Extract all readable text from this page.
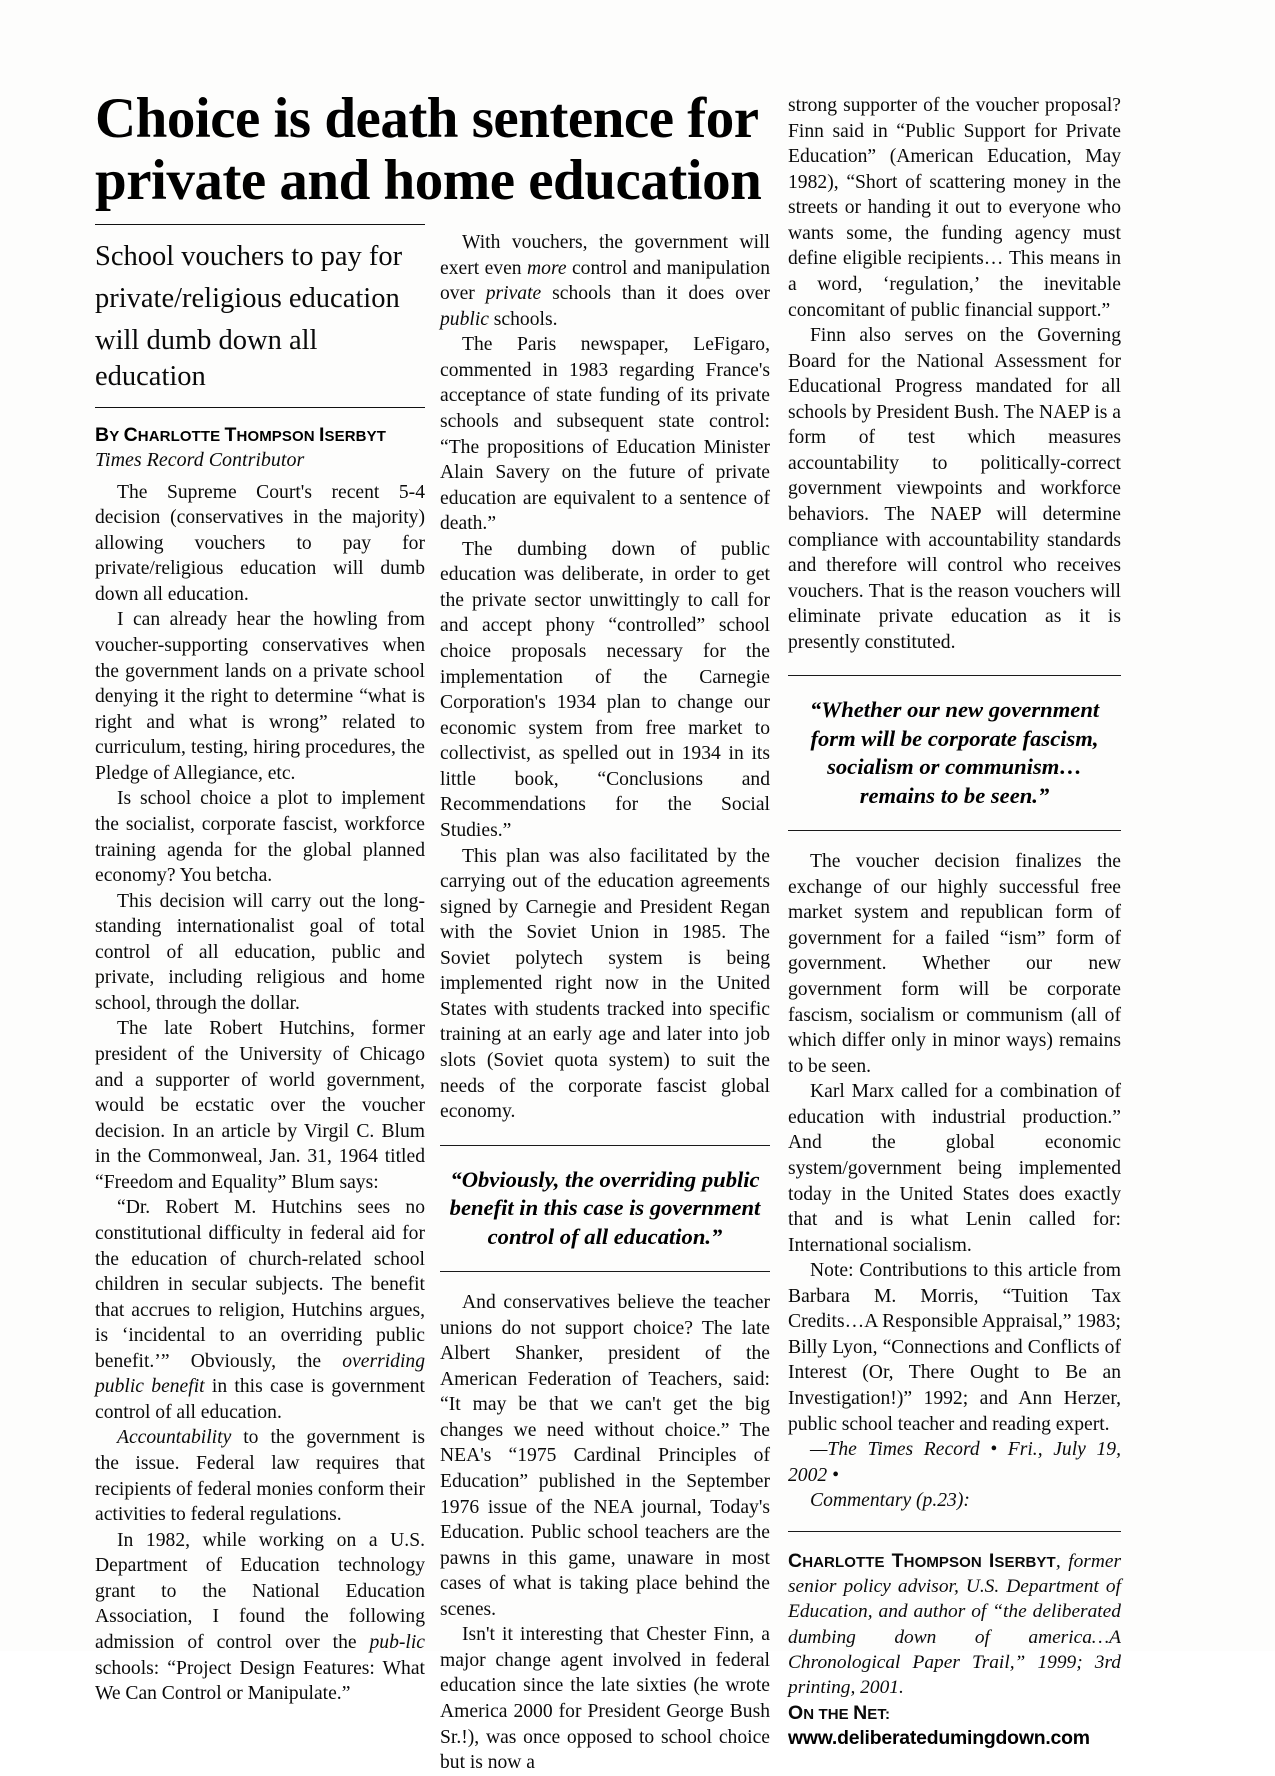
Choice is death sentence for
private and home education
School vouchers to pay for
private/religious education
will dumb down all education
BY CHARLOTTE THOMPSON ISERBYT
Times Record Contributor

The Supreme Court's recent 5-4 decision (conservatives in the majority) allowing vouchers to pay for private/religious education will dumb down all education.

I can already hear the howling from voucher-supporting conservatives when the government lands on a private school denying it the right to determine “what is right and what is wrong” related to curriculum, testing, hiring procedures, the Pledge of Allegiance, etc.

Is school choice a plot to implement the socialist, corporate fascist, workforce training agenda for the global planned economy? You betcha.

This decision will carry out the long-standing internationalist goal of total control of all education, public and private, including religious and home school, through the dollar.

The late Robert Hutchins, former president of the University of Chicago and a supporter of world government, would be ecstatic over the voucher decision. In an article by Virgil C. Blum in the Commonweal, Jan. 31, 1964 titled “Freedom and Equality” Blum says:

“Dr. Robert M. Hutchins sees no constitutional difficulty in federal aid for the education of church-related school children in secular subjects. The benefit that accrues to religion, Hutchins argues, is ‘incidental to an overriding public benefit.’” Obviously, the overriding public benefit in this case is government control of all education.

Accountability to the government is the issue. Federal law requires that recipients of federal monies conform their activities to federal regulations.

In 1982, while working on a U.S. Department of Education technology grant to the National Education Association, I found the following admission of control over the pub-lic schools: “Project Design Features: What We Can Control or Manipulate.”

With vouchers, the government will exert even more control and manipulation over private schools than it does over public schools.

The Paris newspaper, LeFigaro, commented in 1983 regarding France's acceptance of state funding of its private schools and subsequent state control: “The propositions of Education Minister Alain Savery on the future of private education are equivalent to a sentence of death.”

The dumbing down of public education was deliberate, in order to get the private sector unwittingly to call for and accept phony “controlled” school choice proposals necessary for the implementation of the Carnegie Corporation's 1934 plan to change our economic system from free market to collectivist, as spelled out in 1934 in its little book, “Conclusions and Recommendations for the Social Studies.”

This plan was also facilitated by the carrying out of the education agreements signed by Carnegie and President Regan with the Soviet Union in 1985. The Soviet polytech system is being implemented right now in the United States with students tracked into specific training at an early age and later into job slots (Soviet quota system) to suit the needs of the corporate fascist global economy.

“Obviously, the overriding public
benefit in this case is government
control of all education.”

And conservatives believe the teacher unions do not support choice? The late Albert Shanker, president of the American Federation of Teachers, said: “It may be that we can't get the big changes we need without choice.” The NEA's “1975 Cardinal Principles of Education” published in the September 1976 issue of the NEA journal, Today's Education. Public school teachers are the pawns in this game, unaware in most cases of what is taking place behind the scenes.

Isn't it interesting that Chester Finn, a major change agent involved in federal education since the late sixties (he wrote America 2000 for President George Bush Sr.!), was once opposed to school choice but is now a

strong supporter of the voucher proposal? Finn said in “Public Support for Private Education” (American Education, May 1982), “Short of scattering money in the streets or handing it out to everyone who wants some, the funding agency must define eligible recipients… This means in a word, ‘regulation,’ the inevitable concomitant of public financial support.”

Finn also serves on the Governing Board for the National Assessment for Educational Progress mandated for all schools by President Bush. The NAEP is a form of test which measures accountability to politically-correct government viewpoints and workforce behaviors. The NAEP will determine compliance with accountability standards and therefore will control who receives vouchers. That is the reason vouchers will eliminate private education as it is presently constituted.

“Whether our new government
form will be corporate fascism,
socialism or communism…
remains to be seen.”

The voucher decision finalizes the exchange of our highly successful free market system and republican form of government for a failed “ism” form of government. Whether our new government form will be corporate fascism, socialism or communism (all of which differ only in minor ways) remains to be seen.

Karl Marx called for a combination of education with industrial production.” And the global economic system/government being implemented today in the United States does exactly that and is what Lenin called for: International socialism.

Note: Contributions to this article from Barbara M. Morris, “Tuition Tax Credits…A Responsible Appraisal,” 1983; Billy Lyon, “Connections and Conflicts of Interest (Or, There Ought to Be an Investigation!)” 1992; and Ann Herzer, public school teacher and reading expert.

—The Times Record • Fri., July 19, 2002 •

Commentary (p.23):

CHARLOTTE THOMPSON ISERBYT, former senior policy advisor, U.S. Department of Education, and author of “the deliberated dumbing down of america…A Chronological Paper Trail,” 1999; 3rd printing, 2001.

ON THE NET:

www.deliberatedumingdown.com
